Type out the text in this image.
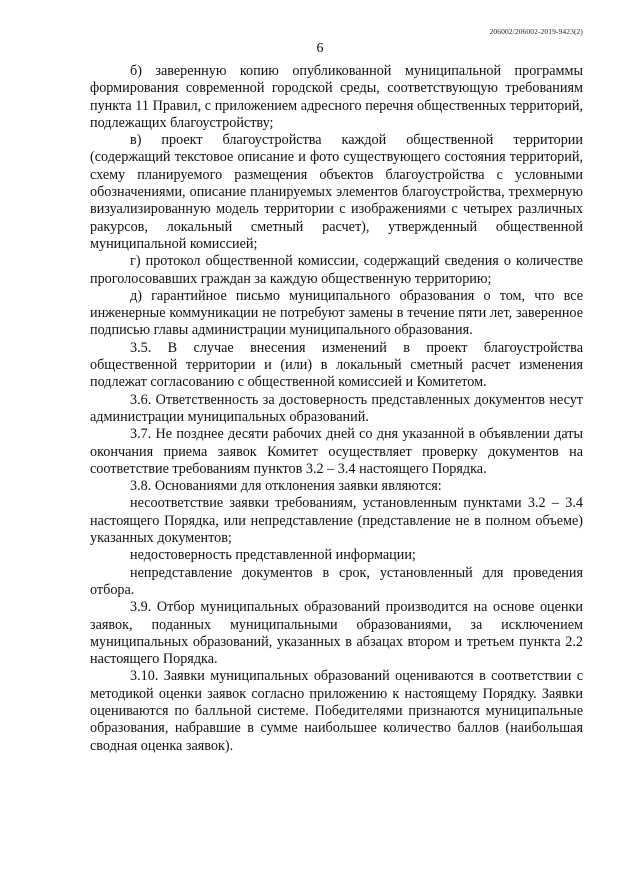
206002/206002-2019-9423(2)
6

б) заверенную копию опубликованной муниципальной программы формирования современной городской среды, соответствующую требованиям пункта 11 Правил, с приложением адресного перечня общественных территорий, подлежащих благоустройству;

в) проект благоустройства каждой общественной территории (содержащий текстовое описание и фото существующего состояния территорий, схему планируемого размещения объектов благоустройства с условными обозначениями, описание планируемых элементов благоустройства, трехмерную визуализированную модель территории с изображениями с четырех различных ракурсов, локальный сметный расчет), утвержденный общественной муниципальной комиссией;

г) протокол общественной комиссии, содержащий сведения о количестве проголосовавших граждан за каждую общественную территорию;

д) гарантийное письмо муниципального образования о том, что все инженерные коммуникации не потребуют замены в течение пяти лет, заверенное подписью главы администрации муниципального образования.

3.5. В случае внесения изменений в проект благоустройства общественной территории и (или) в локальный сметный расчет изменения подлежат согласованию с общественной комиссией и Комитетом.

3.6. Ответственность за достоверность представленных документов несут администрации муниципальных образований.

3.7. Не позднее десяти рабочих дней со дня указанной в объявлении даты окончания приема заявок Комитет осуществляет проверку документов на соответствие требованиям пунктов 3.2 – 3.4 настоящего Порядка.

3.8. Основаниями для отклонения заявки являются:

несоответствие заявки требованиям, установленным пунктами 3.2 – 3.4 настоящего Порядка, или непредставление (представление не в полном объеме) указанных документов;

недостоверность представленной информации;

непредставление документов в срок, установленный для проведения отбора.

3.9. Отбор муниципальных образований производится на основе оценки заявок, поданных муниципальными образованиями, за исключением муниципальных образований, указанных в абзацах втором и третьем пункта 2.2 настоящего Порядка.

3.10. Заявки муниципальных образований оцениваются в соответствии с методикой оценки заявок согласно приложению к настоящему Порядку. Заявки оцениваются по балльной системе. Победителями признаются муниципальные образования, набравшие в сумме наибольшее количество баллов (наибольшая сводная оценка заявок).
